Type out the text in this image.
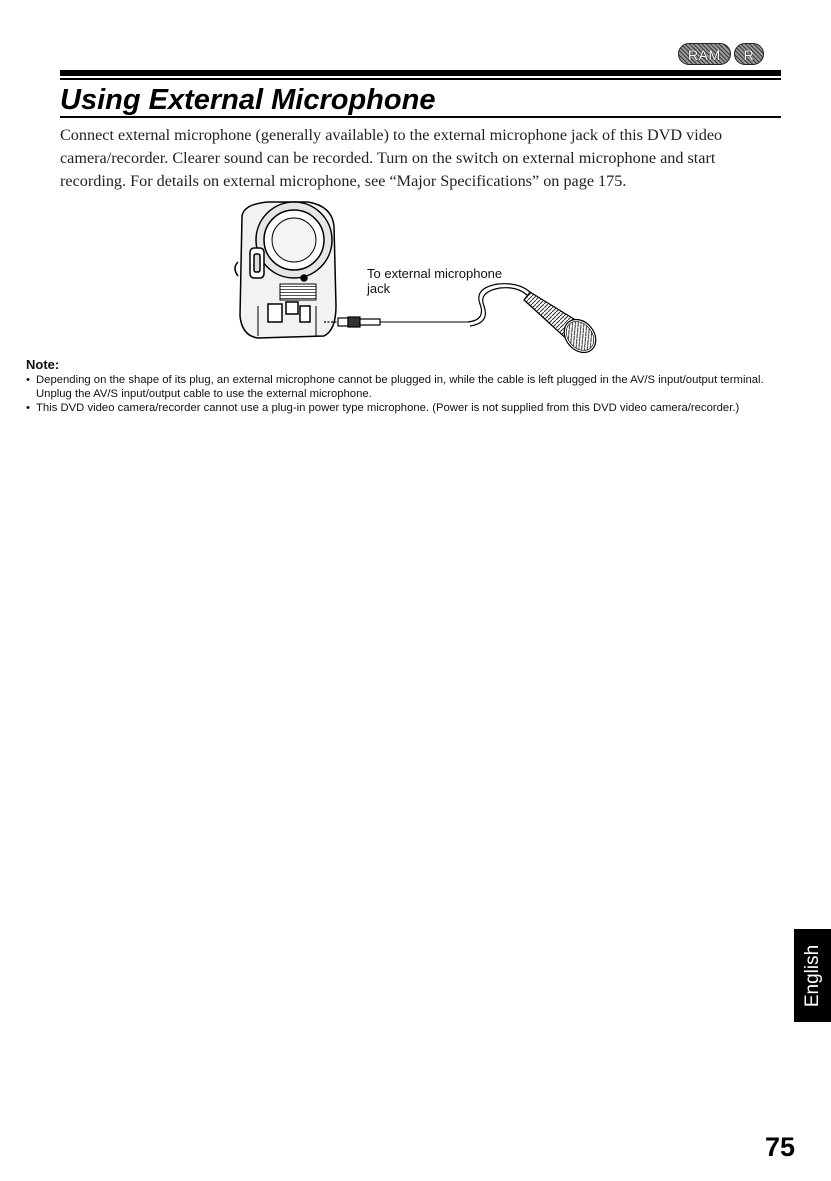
RAM	R
Using External Microphone

Connect external microphone (generally available) to the external microphone jack of this DVD video camera/recorder. Clearer sound can be recorded. Turn on the switch on external microphone and start recording. For details on external microphone, see “Major Specifications” on page 175.

To external microphone jack

Note:

• Depending on the shape of its plug, an external microphone cannot be plugged in, while the cable is left plugged in the AV/S input/output terminal. Unplug the AV/S input/output cable to use the external microphone.
• This DVD video camera/recorder cannot use a plug-in power type microphone. (Power is not supplied from this DVD video camera/recorder.)
English

75
